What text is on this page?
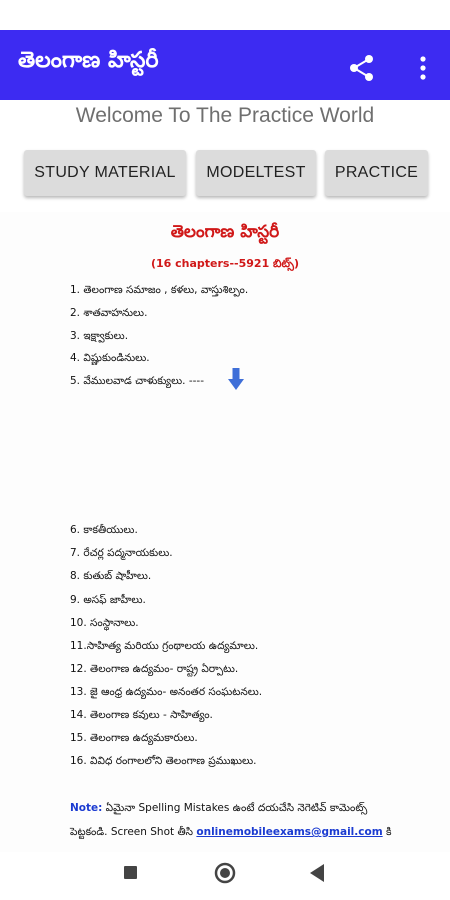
తెలంగాణ హిస్టరీ
Welcome To The Practice World
STUDY MATERIAL	MODELTEST	PRACTICE
తెలంగాణ హిస్టరీ
(16 chapters--5921 బిట్స్)
1. తెలంగాణ సమాజం , కళలు, వాస్తుశిల్పం.
2. శాతవాహనులు.
3. ఇక్ష్వాకులు.
4. విష్ణుకుండినులు.
5. వేములవాడ చాళుక్యులు. ----
6. కాకతీయులు.
7. రేచర్ల పద్మనాయకులు.
8. కుతుబ్ షాహీలు.
9. అసఫ్ జాహీలు.
10. సంస్థానాలు.
11.సాహిత్య మరియు గ్రంథాలయ ఉద్యమాలు.
12. తెలంగాణ ఉద్యమం- రాష్ట్ర ఏర్పాటు.
13. జై ఆంధ్ర ఉద్యమం- అనంతర సంఘటనలు.
14. తెలంగాణ కవులు - సాహిత్యం.
15. తెలంగాణ ఉద్యమకారులు.
16. వివిధ రంగాలలోని తెలంగాణ ప్రముఖులు.
Note: ఏమైనా Spelling Mistakes ఉంటే దయచేసి నెగెటివ్ కామెంట్స్ పెట్టకండి. Screen Shot తీసి onlinemobileexams@gmail.com కి
